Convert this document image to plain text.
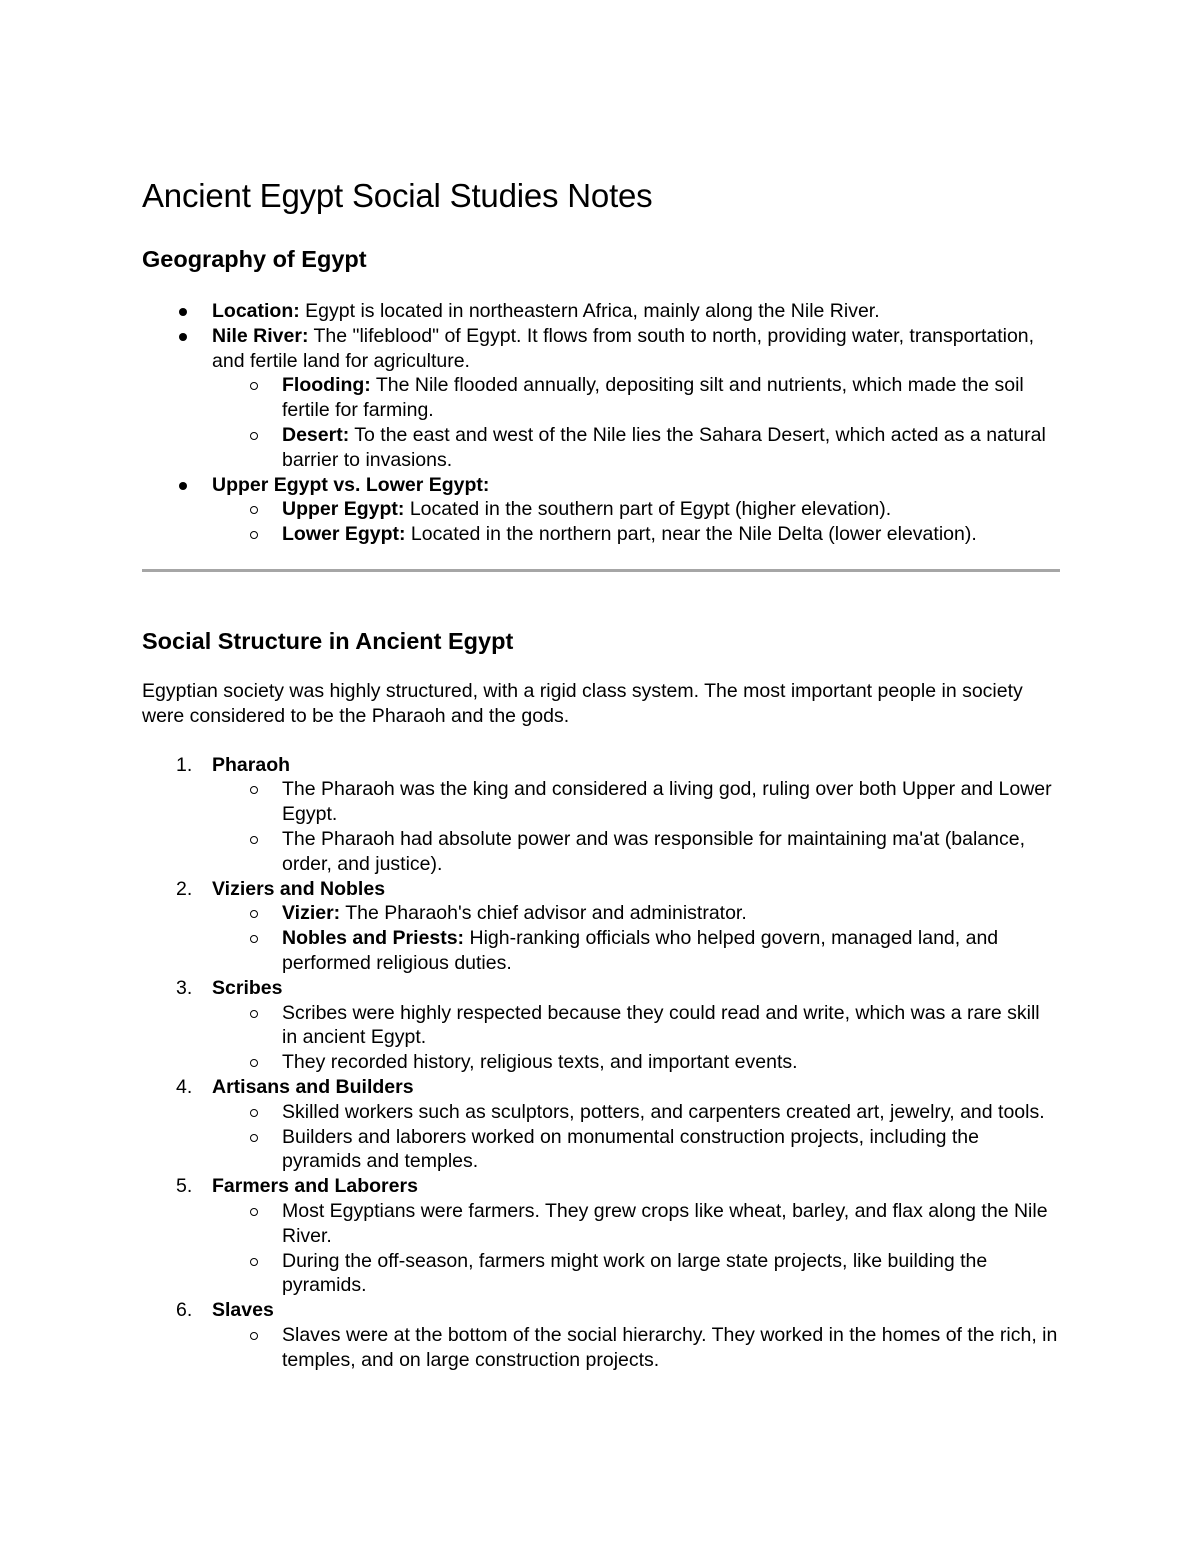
Ancient Egypt Social Studies Notes
Geography of Egypt
Location: Egypt is located in northeastern Africa, mainly along the Nile River.
Nile River: The "lifeblood" of Egypt. It flows from south to north, providing water, transportation, and fertile land for agriculture.
Flooding: The Nile flooded annually, depositing silt and nutrients, which made the soil fertile for farming.
Desert: To the east and west of the Nile lies the Sahara Desert, which acted as a natural barrier to invasions.
Upper Egypt vs. Lower Egypt:
Upper Egypt: Located in the southern part of Egypt (higher elevation).
Lower Egypt: Located in the northern part, near the Nile Delta (lower elevation).
Social Structure in Ancient Egypt

Egyptian society was highly structured, with a rigid class system. The most important people in society were considered to be the Pharaoh and the gods.

1. Pharaoh
The Pharaoh was the king and considered a living god, ruling over both Upper and Lower Egypt.
The Pharaoh had absolute power and was responsible for maintaining ma'at (balance, order, and justice).
2. Viziers and Nobles
Vizier: The Pharaoh's chief advisor and administrator.
Nobles and Priests: High-ranking officials who helped govern, managed land, and performed religious duties.
3. Scribes
Scribes were highly respected because they could read and write, which was a rare skill in ancient Egypt.
They recorded history, religious texts, and important events.
4. Artisans and Builders
Skilled workers such as sculptors, potters, and carpenters created art, jewelry, and tools.
Builders and laborers worked on monumental construction projects, including the pyramids and temples.
5. Farmers and Laborers
Most Egyptians were farmers. They grew crops like wheat, barley, and flax along the Nile River.
During the off-season, farmers might work on large state projects, like building the pyramids.
6. Slaves
Slaves were at the bottom of the social hierarchy. They worked in the homes of the rich, in temples, and on large construction projects.
